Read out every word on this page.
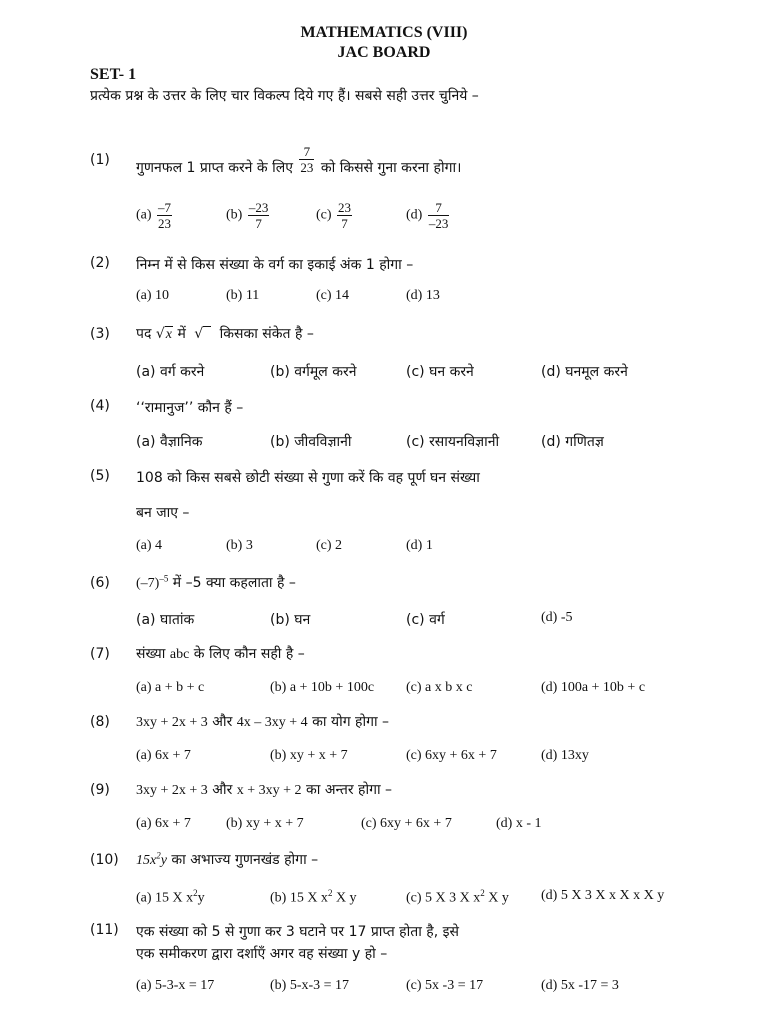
MATHEMATICS (VIII)
JAC BOARD
SET- 1
प्रत्येक प्रश्न के उत्तर के लिए चार विकल्प दिये गए हैं। सबसे सही उत्तर चुनिये –
(1) गुणनफल 1 प्राप्त करने के लिए $\frac{7}{23}$ को किससे गुना करना होगा।
$(a) \frac{-7}{23}$	$(b) \frac{-23}{7}$	$(c) \frac{23}{7}$	$(d) \frac{7}{-23}$
(2) निम्न में से किस संख्या के वर्ग का इकाई अंक 1 होगा –
(a) 10	(b) 11	(c) 14	(d) 13
(3) पद √x में √ किसका संकेत है –
(a) वर्ग करने	(b) वर्गमूल करने	(c) घन करने	(d) घनमूल करने
(4) ‘‘रामानुज’’ कौन हैं –
(a) वैज्ञानिक	(b) जीवविज्ञानी	(c) रसायनविज्ञानी	(d) गणितज्ञ
(5) 108 को किस सबसे छोटी संख्या से गुणा करें कि वह पूर्ण घन संख्या
बन जाए –
(a) 4	(b) 3	(c) 2	(d) 1
(6) $(-7)^{-5}$ में –5 क्या कहलाता है –
(a) घातांक	(b) घन	(c) वर्ग	(d) -5
(7) संख्या abc के लिए कौन सही है –
(a) a + b + c	(b) a + 10b + 100c (c) a x b x c	(d) 100a + 10b + c
(8) 3xy + 2x + 3 और 4x – 3xy + 4 का योग होगा –
(a) 6x + 7	(b) xy + x + 7	(c) 6xy + 6x + 7	(d) 13xy
(9) 3xy + 2x + 3 और x + 3xy + 2 का अन्तर होगा –
(a) 6x + 7	(b) xy + x + 7	(c) 6xy + 6x + 7	(d) x - 1
(10) $15x^2y$ का अभाज्य गुणनखंड होगा –
(a) 15 X $x^2y$	(b) 15 X $x^2$ X y	(c) 5 X 3 X $x^2$ X y (d) 5 X 3 X x X x X y
(11) एक संख्या को 5 से गुणा कर 3 घटाने पर 17 प्राप्त होता है, इसे
एक समीकरण द्वारा दर्शाएँ अगर वह संख्या y हो –
(a) 5-3-x = 17	(b) 5-x-3 = 17	(c) 5x -3 = 17	(d) 5x -17 = 3
